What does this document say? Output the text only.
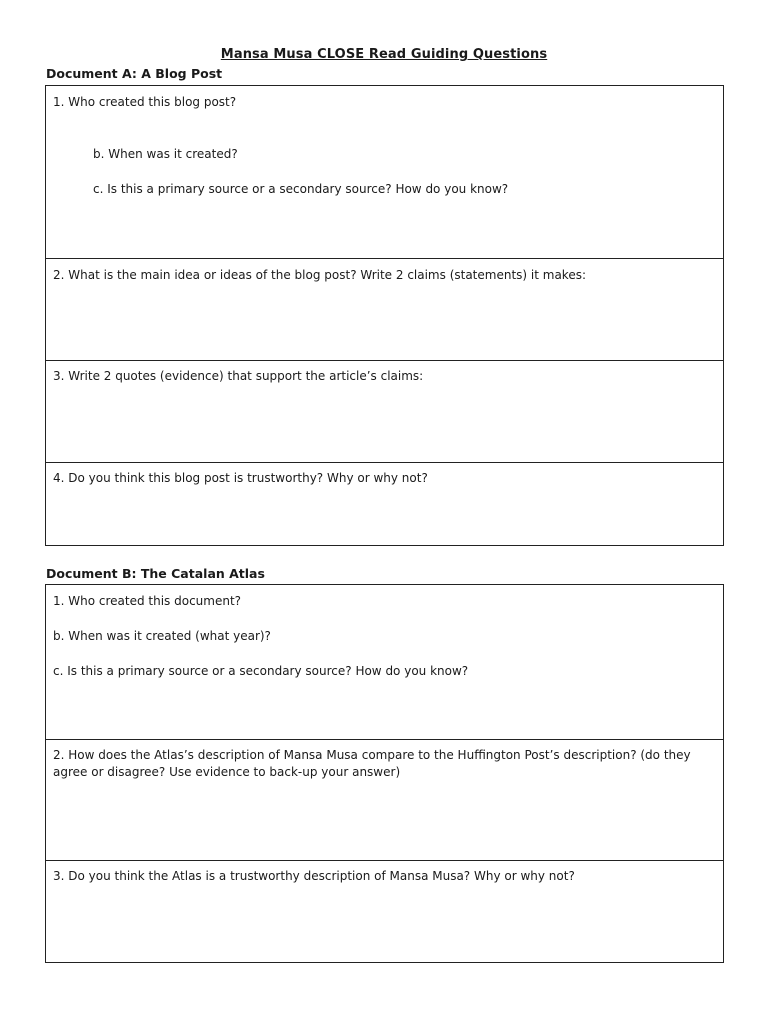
Mansa Musa CLOSE Read Guiding Questions
Document A: A Blog Post
1. Who created this blog post?
b. When was it created?
c. Is this a primary source or a secondary source? How do you know?
2. What is the main idea or ideas of the blog post? Write 2 claims (statements) it makes:
3. Write 2 quotes (evidence) that support the article’s claims:
4. Do you think this blog post is trustworthy? Why or why not?
Document B: The Catalan Atlas
1. Who created this document?
b. When was it created (what year)?
c. Is this a primary source or a secondary source? How do you know?
2. How does the Atlas’s description of Mansa Musa compare to the Huffington Post’s description? (do they agree or disagree? Use evidence to back-up your answer)
3. Do you think the Atlas is a trustworthy description of Mansa Musa? Why or why not?
